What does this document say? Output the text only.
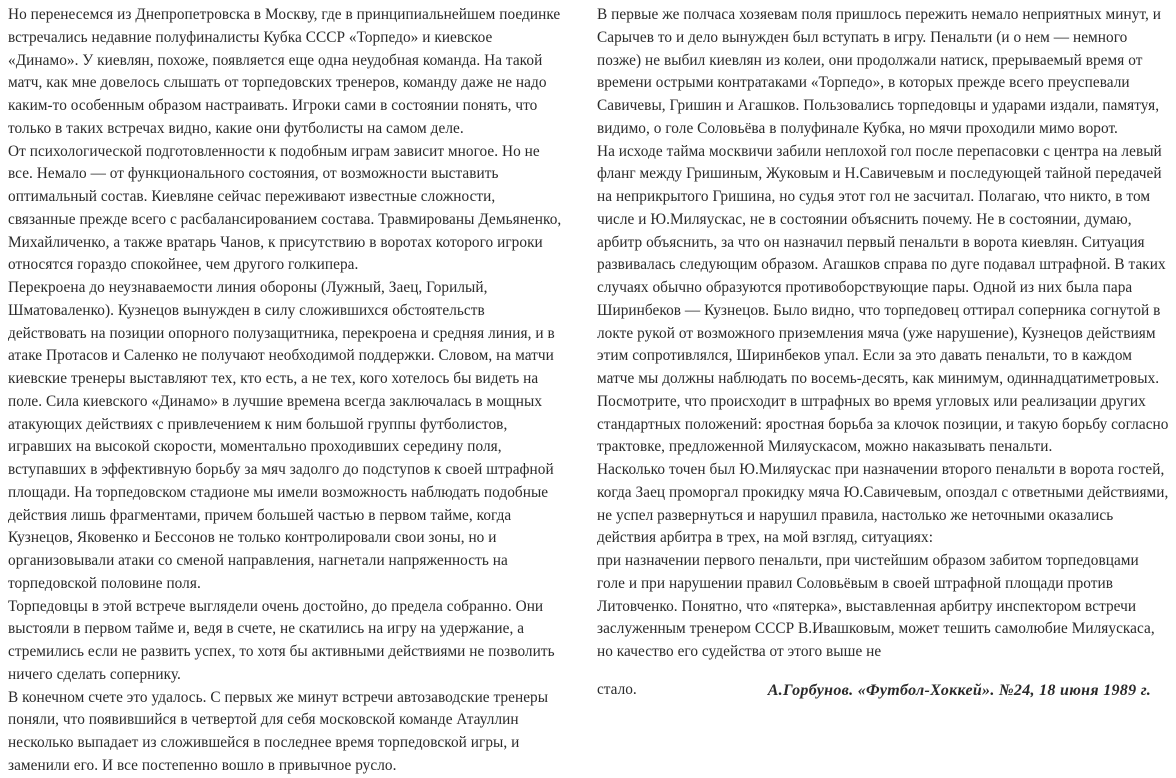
Но перенесемся из Днепропетровска в Москву, где в принципиальнейшем поединке встречались недавние полуфиналисты Кубка СССР «Торпедо» и киевское «Динамо». У киевлян, похоже, появляется еще одна неудобная команда. На такой матч, как мне довелось слышать от торпедовских тренеров, команду даже не надо каким-то особенным образом настраивать. Игроки сами в состоянии понять, что только в таких встречах видно, какие они футболисты на самом деле.

От психологической подготовленности к подобным играм зависит многое. Но не все. Немало — от функционального состояния, от возможности выставить оптимальный состав. Киевляне сейчас переживают известные сложности, связанные прежде всего с расбалансированием состава. Травмированы Демьяненко, Михайличенко, а также вратарь Чанов, к присутствию в воротах которого игроки относятся гораздо спокойнее, чем другого голкипера.

Перекроена до неузнаваемости линия обороны (Лужный, Заец, Горилый, Шматоваленко). Кузнецов вынужден в силу сложившихся обстоятельств действовать на позиции опорного полузащитника, перекроена и средняя линия, и в атаке Протасов и Саленко не получают необходимой поддержки. Словом, на матчи киевские тренеры выставляют тех, кто есть, а не тех, кого хотелось бы видеть на поле. Сила киевского «Динамо» в лучшие времена всегда заключалась в мощных атакующих действиях с привлечением к ним большой группы футболистов, игравших на высокой скорости, моментально проходивших середину поля, вступавших в эффективную борьбу за мяч задолго до подступов к своей штрафной площади. На торпедовском стадионе мы имели возможность наблюдать подобные действия лишь фрагментами, причем большей частью в первом тайме, когда Кузнецов, Яковенко и Бессонов не только контролировали свои зоны, но и организовывали атаки со сменой направления, нагнетали напряженность на торпедовской половине поля.

Торпедовцы в этой встрече выглядели очень достойно, до предела собранно. Они выстояли в первом тайме и, ведя в счете, не скатились на игру на удержание, а стремились если не развить успех, то хотя бы активными действиями не позволить ничего сделать сопернику.

В конечном счете это удалось. С первых же минут встречи автозаводские тренеры поняли, что появившийся в четвертой для себя московской команде Атауллин несколько выпадает из сложившейся в последнее время торпедовской игры, и заменили его. И все постепенно вошло в привычное русло.

В первые же полчаса хозяевам поля пришлось пережить немало неприятных минут, и Сарычев то и дело вынужден был вступать в игру. Пенальти (и о нем — немного позже) не выбил киевлян из колеи, они продолжали натиск, прерываемый время от времени острыми контратаками «Торпедо», в которых прежде всего преуспевали Савичевы, Гришин и Агашков. Пользовались торпедовцы и ударами издали, памятуя, видимо, о голе Соловьёва в полуфинале Кубка, но мячи проходили мимо ворот.

На исходе тайма москвичи забили неплохой гол после перепасовки с центра на левый фланг между Гришиным, Жуковым и Н.Савичевым и последующей тайной передачей на неприкрытого Гришина, но судья этот гол не засчитал. Полагаю, что никто, в том числе и Ю.Миляускас, не в состоянии объяснить почему. Не в состоянии, думаю, арбитр объяснить, за что он назначил первый пенальти в ворота киевлян. Ситуация развивалась следующим образом. Агашков справа по дуге подавал штрафной. В таких случаях обычно образуются противоборствующие пары. Одной из них была пара Ширинбеков — Кузнецов. Было видно, что торпедовец оттирал соперника согнутой в локте рукой от возможного приземления мяча (уже нарушение), Кузнецов действиям этим сопротивлялся, Ширинбеков упал. Если за это давать пенальти, то в каждом матче мы должны наблюдать по восемь-десять, как минимум, одиннадцатиметровых. Посмотрите, что происходит в штрафных во время угловых или реализации других стандартных положений: яростная борьба за клочок позиции, и такую борьбу согласно трактовке, предложенной Миляускасом, можно наказывать пенальти.

Насколько точен был Ю.Миляускас при назначении второго пенальти в ворота гостей, когда Заец проморгал прокидку мяча Ю.Савичевым, опоздал с ответными действиями, не успел развернуться и нарушил правила, настолько же неточными оказались действия арбитра в трех, на мой взгляд, ситуациях:

при назначении первого пенальти, при чистейшим образом забитом торпедовцами голе и при нарушении правил Соловьёвым в своей штрафной площади против Литовченко. Понятно, что «пятерка», выставленная арбитру инспектором встречи заслуженным тренером СССР В.Ивашковым, может тешить самолюбие Миляускаса, но качество его судейства от этого выше не

стало.	А.Горбунов. «Футбол-Хоккей». №24, 18 июня 1989 г.
